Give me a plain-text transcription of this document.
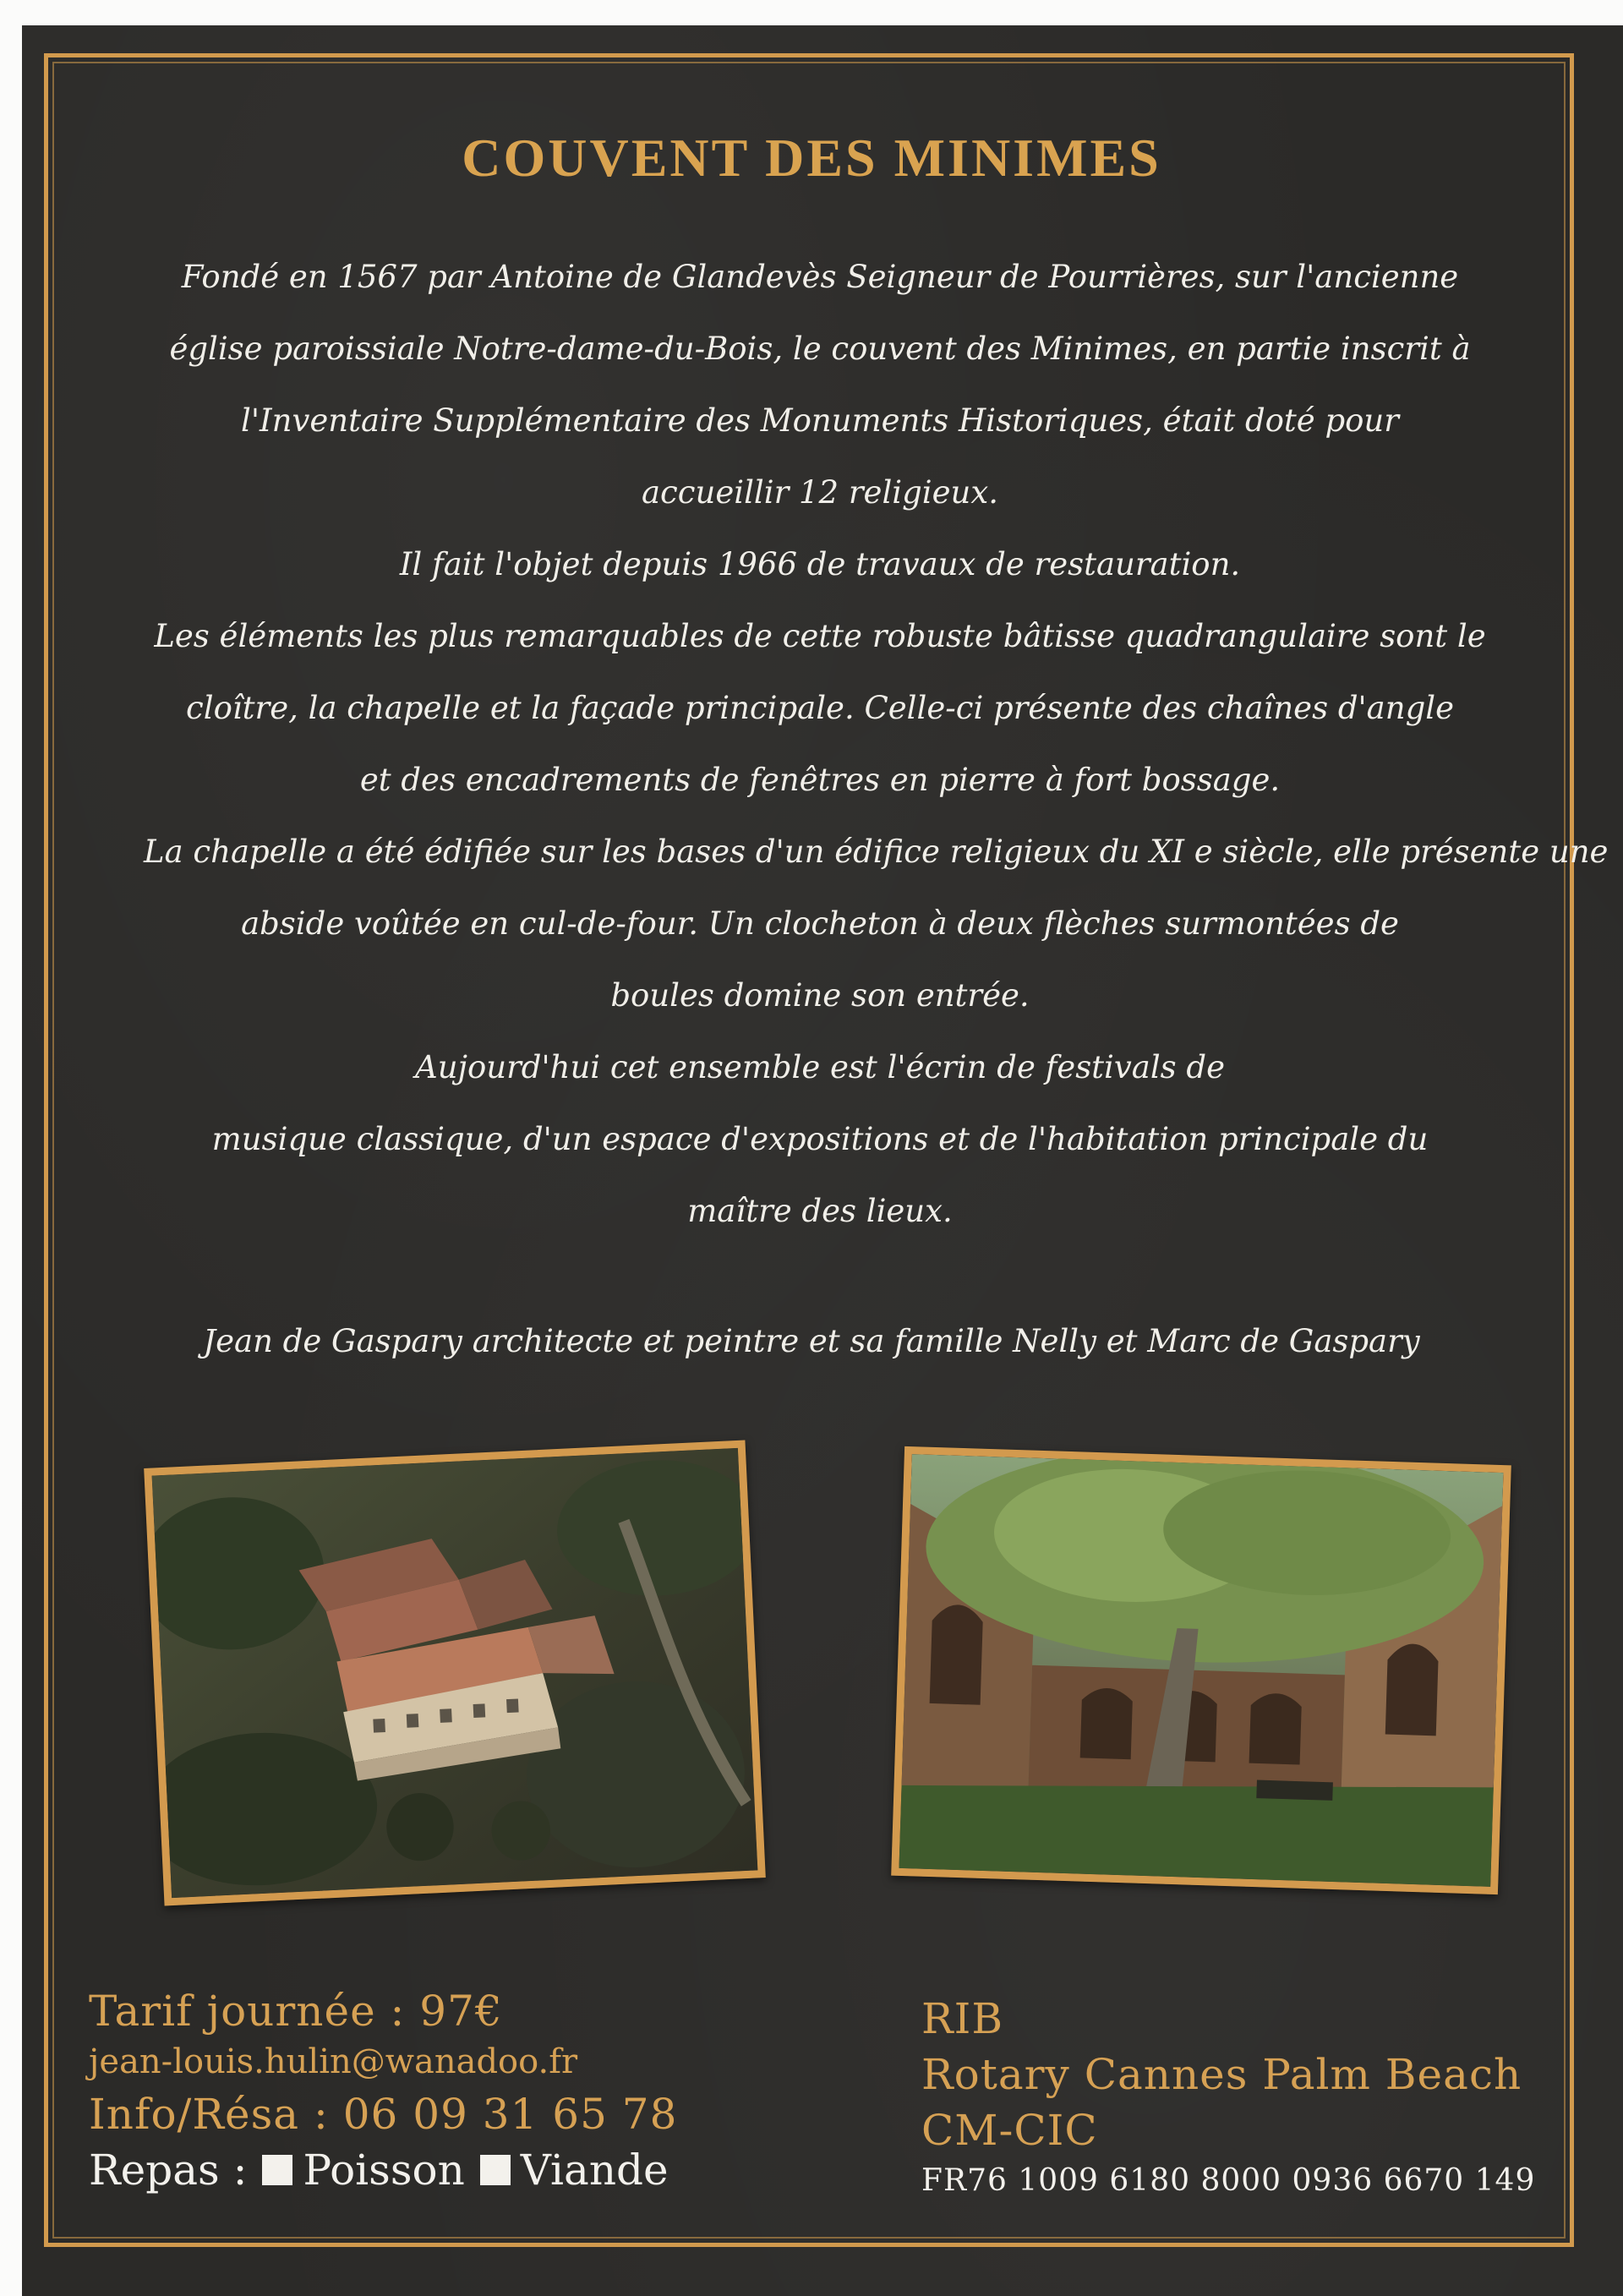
COUVENT DES MINIMES
Fondé en 1567 par Antoine de Glandevès Seigneur de Pourrières, sur l'ancienne
église paroissiale Notre-dame-du-Bois, le couvent des Minimes, en partie inscrit à
l'Inventaire Supplémentaire des Monuments Historiques, était doté pour
accueillir 12 religieux.
Il fait l'objet depuis 1966 de travaux de restauration.
Les éléments les plus remarquables de cette robuste bâtisse quadrangulaire sont le
cloître, la chapelle et la façade principale. Celle-ci présente des chaînes d'angle
et des encadrements de fenêtres en pierre à fort bossage.
La chapelle a été édifiée sur les bases d'un édifice religieux du XI e siècle, elle présente une
abside voûtée en cul-de-four. Un clocheton à deux flèches surmontées de
boules domine son entrée.
Aujourd'hui cet ensemble est l'écrin de festivals de
musique classique, d'un espace d'expositions et de l'habitation principale du
maître des lieux.
Jean de Gaspary architecte et peintre et sa famille Nelly et Marc de Gaspary
Tarif journée : 97€
jean-louis.hulin@wanadoo.fr
Info/Résa : 06 09 31 65 78
Repas : Poisson Viande
RIB
Rotary Cannes Palm Beach
CM-CIC
FR76 1009 6180 8000 0936 6670 149
